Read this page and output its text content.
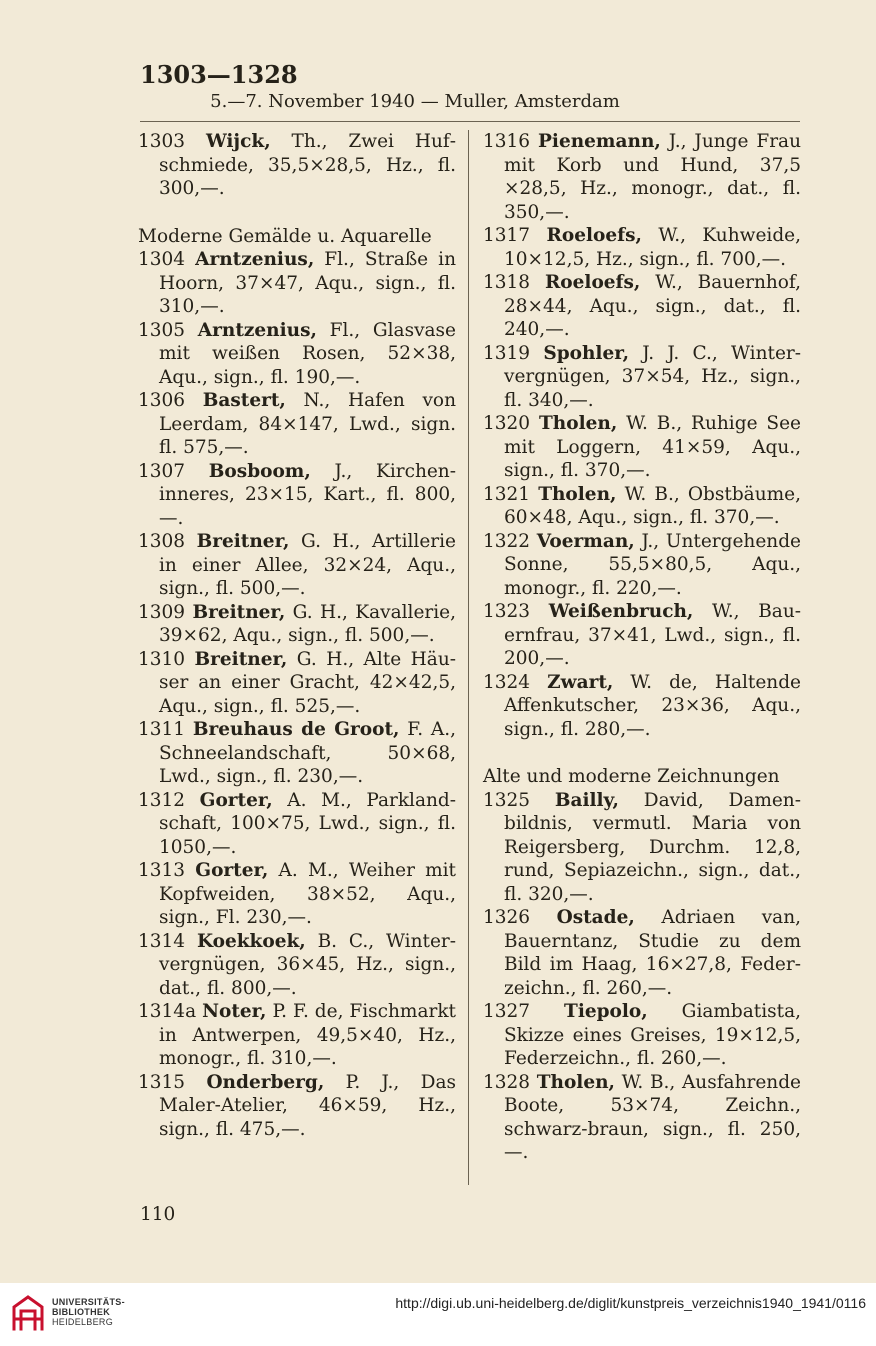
1303—1328
5.—7. November 1940 — Muller, Amsterdam

1303 Wijck, Th., Zwei Hufschmiede, 35,5×28,5, Hz., fl. 300,—.

Moderne Gemälde u. Aquarelle

1304 Arntzenius, Fl., Straße in Hoorn, 37×47, Aqu., sign., fl. 310,—.

1305 Arntzenius, Fl., Glasvase mit weißen Rosen, 52×38, Aqu., sign., fl. 190,—.

1306 Bastert, N., Hafen von Leerdam, 84×147, Lwd., sign. fl. 575,—.

1307 Bosboom, J., Kircheninneres, 23×15, Kart., fl. 800,—.

1308 Breitner, G. H., Artillerie in einer Allee, 32×24, Aqu., sign., fl. 500,—.

1309 Breitner, G. H., Kavallerie, 39×62, Aqu., sign., fl. 500,—.

1310 Breitner, G. H., Alte Häuser an einer Gracht, 42×42,5, Aqu., sign., fl. 525,—.

1311 Breuhaus de Groot, F. A., Schneelandschaft, 50×68, Lwd., sign., fl. 230,—.

1312 Gorter, A. M., Parklandschaft, 100×75, Lwd., sign., fl. 1050,—.

1313 Gorter, A. M., Weiher mit Kopfweiden, 38×52, Aqu., sign., Fl. 230,—.

1314 Koekkoek, B. C., Wintervergnügen, 36×45, Hz., sign., dat., fl. 800,—.

1314a Noter, P. F. de, Fischmarkt in Antwerpen, 49,5×40, Hz., monogr., fl. 310,—.

1315 Onderberg, P. J., Das Maler-Atelier, 46×59, Hz., sign., fl. 475,—.

1316 Pienemann, J., Junge Frau mit Korb und Hund, 37,5 ×28,5, Hz., monogr., dat., fl. 350,—.

1317 Roeloefs, W., Kuhweide, 10×12,5, Hz., sign., fl. 700,—.

1318 Roeloefs, W., Bauernhof, 28×44, Aqu., sign., dat., fl. 240,—.

1319 Spohler, J. J. C., Wintervergnügen, 37×54, Hz., sign., fl. 340,—.

1320 Tholen, W. B., Ruhige See mit Loggern, 41×59, Aqu., sign., fl. 370,—.

1321 Tholen, W. B., Obstbäume, 60×48, Aqu., sign., fl. 370,—.

1322 Voerman, J., Untergehende Sonne, 55,5×80,5, Aqu., monogr., fl. 220,—.

1323 Weißenbruch, W., Bauernfrau, 37×41, Lwd., sign., fl. 200,—.

1324 Zwart, W. de, Haltende Affenkutscher, 23×36, Aqu., sign., fl. 280,—.

Alte und moderne Zeichnungen

1325 Bailly, David, Damenbildnis, vermutl. Maria von Reigersberg, Durchm. 12,8, rund, Sepiazeichn., sign., dat., fl. 320,—.

1326 Ostade, Adriaen van, Bauerntanz, Studie zu dem Bild im Haag, 16×27,8, Federzeichn., fl. 260,—.

1327 Tiepolo, Giambatista, Skizze eines Greises, 19×12,5, Federzeichn., fl. 260,—.

1328 Tholen, W. B., Ausfahrende Boote, 53×74, Zeichn., schwarz-braun, sign., fl. 250,—.

110
UNIVERSITÄTS-
BIBLIOTHEK
HEIDELBERG
http://digi.ub.uni-heidelberg.de/diglit/kunstpreis_verzeichnis1940_1941/0116
